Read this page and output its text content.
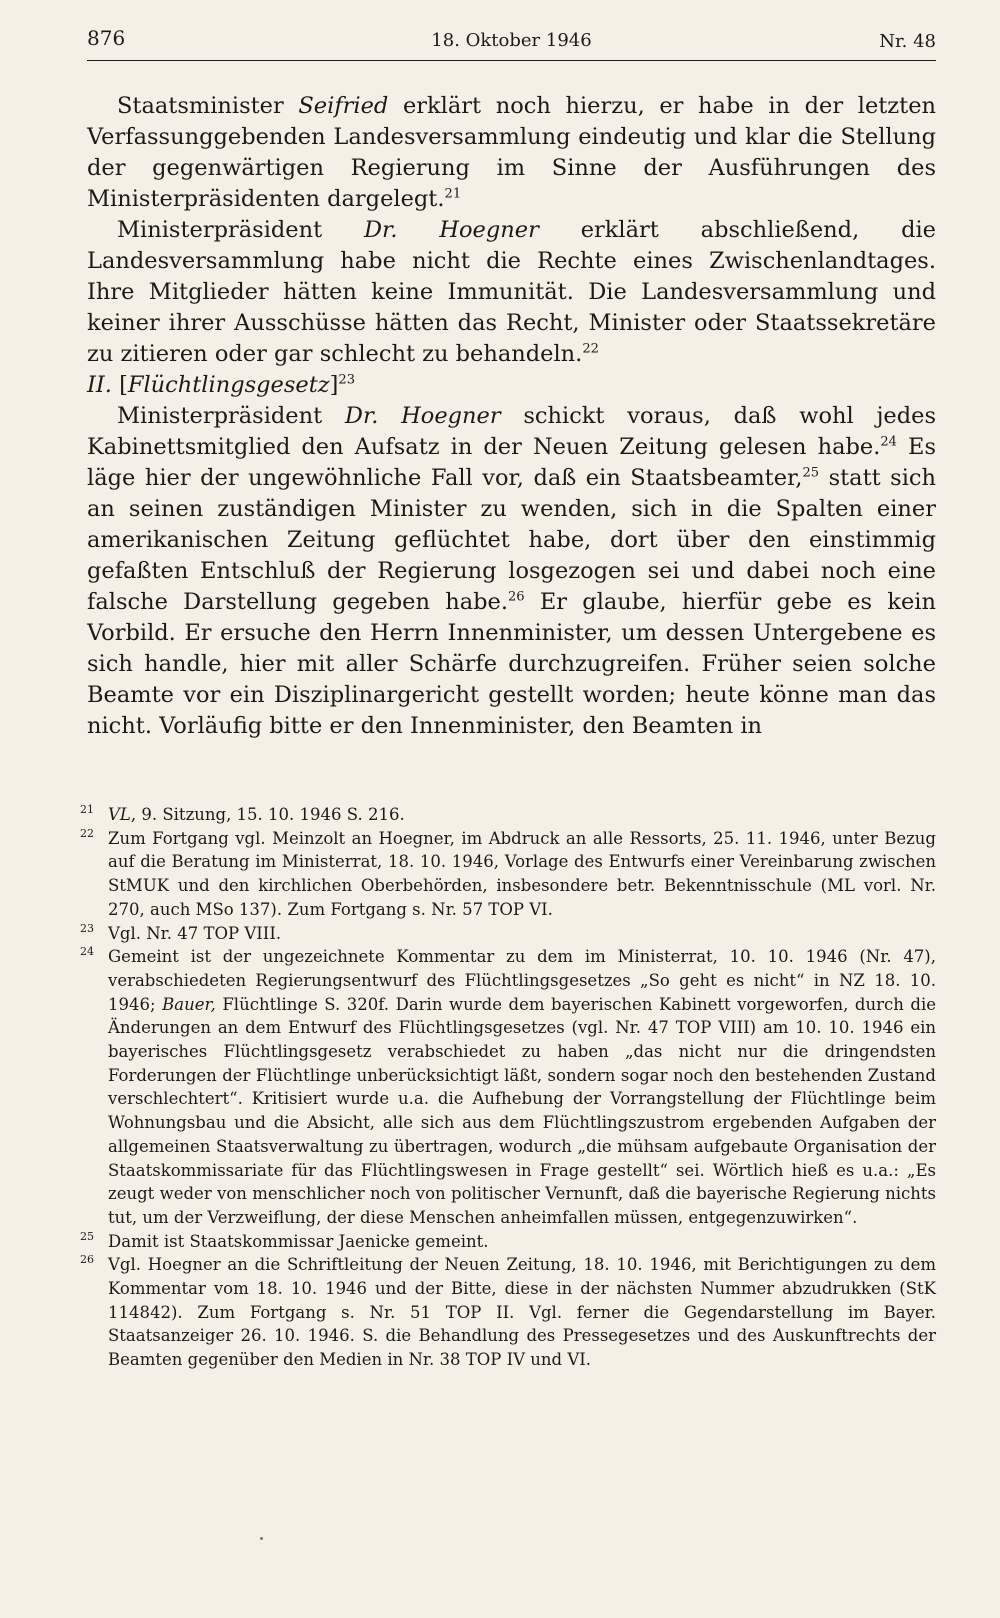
876	18. Oktober 1946	Nr. 48

Staatsminister Seifried erklärt noch hierzu, er habe in der letzten Verfassunggebenden Landesversammlung eindeutig und klar die Stellung der gegenwärtigen Regierung im Sinne der Ausführungen des Ministerpräsidenten dargelegt.$^{21}$

Ministerpräsident Dr. Hoegner erklärt abschließend, die Landesversammlung habe nicht die Rechte eines Zwischenlandtages. Ihre Mitglieder hätten keine Immunität. Die Landesversammlung und keiner ihrer Ausschüsse hätten das Recht, Minister oder Staatssekretäre zu zitieren oder gar schlecht zu behandeln.$^{22}$

II. [Flüchtlingsgesetz]$^{23}$

Ministerpräsident Dr. Hoegner schickt voraus, daß wohl jedes Kabinettsmitglied den Aufsatz in der Neuen Zeitung gelesen habe.$^{24}$ Es läge hier der ungewöhnliche Fall vor, daß ein Staatsbeamter,$^{25}$ statt sich an seinen zuständigen Minister zu wenden, sich in die Spalten einer amerikanischen Zeitung geflüchtet habe, dort über den einstimmig gefaßten Entschluß der Regierung losgezogen sei und dabei noch eine falsche Darstellung gegeben habe.$^{26}$ Er glaube, hierfür gebe es kein Vorbild. Er ersuche den Herrn Innenminister, um dessen Untergebene es sich handle, hier mit aller Schärfe durchzugreifen. Früher seien solche Beamte vor ein Disziplinargericht gestellt worden; heute könne man das nicht. Vorläufig bitte er den Innenminister, den Beamten in

21 VL, 9. Sitzung, 15. 10. 1946 S. 216.

22 Zum Fortgang vgl. Meinzolt an Hoegner, im Abdruck an alle Ressorts, 25. 11. 1946, unter Bezug auf die Beratung im Ministerrat, 18. 10. 1946, Vorlage des Entwurfs einer Vereinbarung zwischen StMUK und den kirchlichen Oberbehörden, insbesondere betr. Bekenntnisschule (ML vorl. Nr. 270, auch MSo 137). Zum Fortgang s. Nr. 57 TOP VI.

23 Vgl. Nr. 47 TOP VIII.

24 Gemeint ist der ungezeichnete Kommentar zu dem im Ministerrat, 10. 10. 1946 (Nr. 47), verabschiedeten Regierungsentwurf des Flüchtlingsgesetzes „So geht es nicht“ in NZ 18. 10. 1946; Bauer, Flüchtlinge S. 320f. Darin wurde dem bayerischen Kabinett vorgeworfen, durch die Änderungen an dem Entwurf des Flüchtlingsgesetzes (vgl. Nr. 47 TOP VIII) am 10. 10. 1946 ein bayerisches Flüchtlingsgesetz verabschiedet zu haben „das nicht nur die dringendsten Forderungen der Flüchtlinge unberücksichtigt läßt, sondern sogar noch den bestehenden Zustand verschlechtert“. Kritisiert wurde u.a. die Aufhebung der Vorrangstellung der Flüchtlinge beim Wohnungsbau und die Absicht, alle sich aus dem Flüchtlingszustrom ergebenden Aufgaben der allgemeinen Staatsverwaltung zu übertragen, wodurch „die mühsam aufgebaute Organisation der Staatskommissariate für das Flüchtlingswesen in Frage gestellt“ sei. Wörtlich hieß es u.a.: „Es zeugt weder von menschlicher noch von politischer Vernunft, daß die bayerische Regierung nichts tut, um der Verzweiflung, der diese Menschen anheimfallen müssen, entgegenzuwirken“.

25 Damit ist Staatskommissar Jaenicke gemeint.

26 Vgl. Hoegner an die Schriftleitung der Neuen Zeitung, 18. 10. 1946, mit Berichtigungen zu dem Kommentar vom 18. 10. 1946 und der Bitte, diese in der nächsten Nummer abzudrukken (StK 114842). Zum Fortgang s. Nr. 51 TOP II. Vgl. ferner die Gegendarstellung im Bayer. Staatsanzeiger 26. 10. 1946. S. die Behandlung des Pressegesetzes und des Auskunftrechts der Beamten gegenüber den Medien in Nr. 38 TOP IV und VI.
